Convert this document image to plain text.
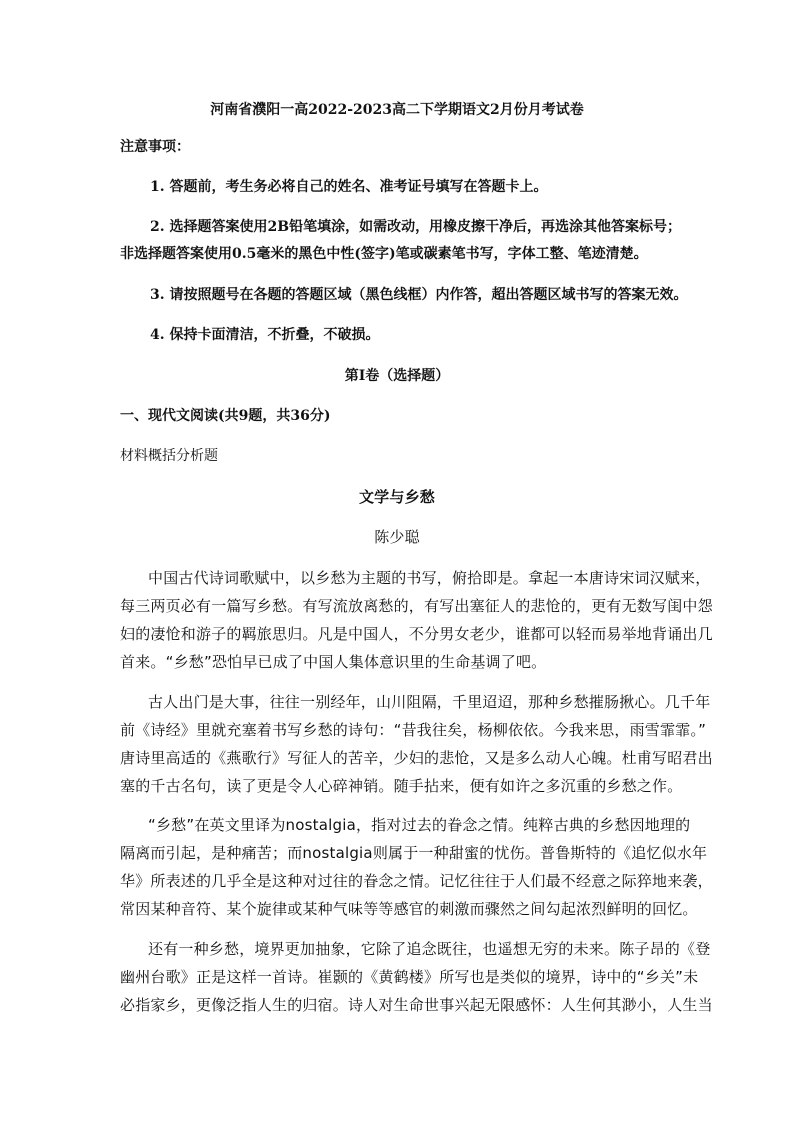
河南省濮阳一高2022-2023高二下学期语文2月份月考试卷
注意事项：
1. 答题前，考生务必将自己的姓名、准考证号填写在答题卡上。
2. 选择题答案使用2B铅笔填涂，如需改动，用橡皮擦干净后，再选涂其他答案标号；
非选择题答案使用0.5毫米的黑色中性(签字)笔或碳素笔书写，字体工整、笔迹清楚。
3. 请按照题号在各题的答题区域（黑色线框）内作答，超出答题区域书写的答案无效。
4. 保持卡面清洁，不折叠，不破损。
第I卷（选择题）
一、现代文阅读(共9题，共36分)
材料概括分析题
文学与乡愁
陈少聪
中国古代诗词歌赋中，以乡愁为主题的书写，俯拾即是。拿起一本唐诗宋词汉赋来，
每三两页必有一篇写乡愁。有写流放离愁的，有写出塞征人的悲怆的，更有无数写闺中怨
妇的凄怆和游子的羁旅思归。凡是中国人，不分男女老少，谁都可以轻而易举地背诵出几
首来。“乡愁”恐怕早已成了中国人集体意识里的生命基调了吧。
古人出门是大事，往往一别经年，山川阻隔，千里迢迢，那种乡愁摧肠揪心。几千年
前《诗经》里就充塞着书写乡愁的诗句：“昔我往矣，杨柳依依。今我来思，雨雪霏霏。”
唐诗里高适的《燕歌行》写征人的苦辛，少妇的悲怆，又是多么动人心魄。杜甫写昭君出
塞的千古名句，读了更是令人心碎神销。随手拈来，便有如许之多沉重的乡愁之作。
“乡愁”在英文里译为nostalgia，指对过去的眷念之情。纯粹古典的乡愁因地理的
隔离而引起，是种痛苦；而nostalgia则属于一种甜蜜的忧伤。普鲁斯特的《追忆似水年
华》所表述的几乎全是这种对过往的眷念之情。记忆往往于人们最不经意之际猝地来袭，
常因某种音符、某个旋律或某种气味等等感官的刺激而骤然之间勾起浓烈鲜明的回忆。
还有一种乡愁，境界更加抽象，它除了追念既往，也遥想无穷的未来。陈子昂的《登
幽州台歌》正是这样一首诗。崔颢的《黄鹤楼》所写也是类似的境界，诗中的“乡关”未
必指家乡，更像泛指人生的归宿。诗人对生命世事兴起无限感怀：人生何其渺小，人生当
